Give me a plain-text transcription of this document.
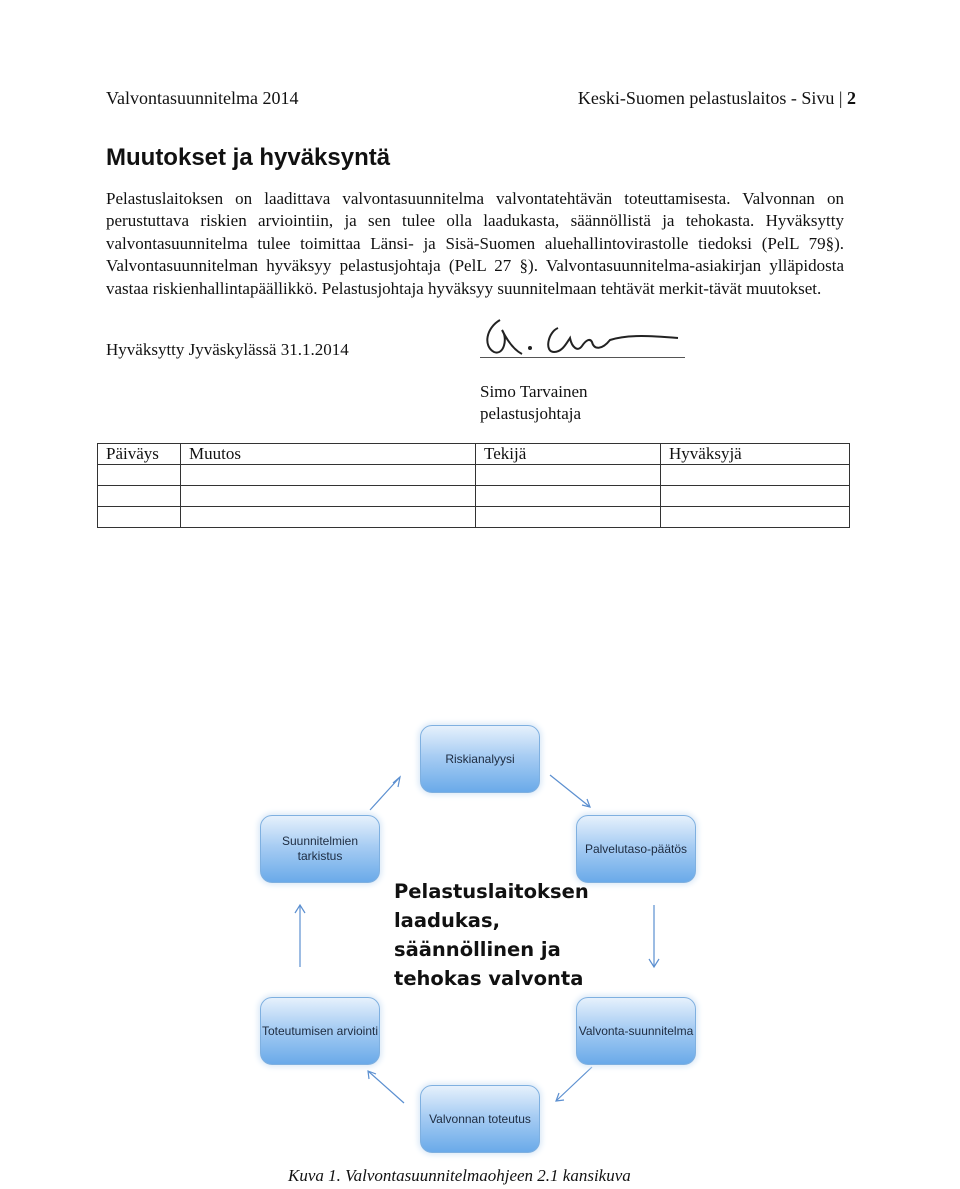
Valvontasuunnitelma 2014	Keski-Suomen pelastuslaitos - Sivu | 2
Muutokset ja hyväksyntä
Pelastuslaitoksen on laadittava valvontasuunnitelma valvontatehtävän toteuttamisesta. Valvonnan on perustuttava riskien arviointiin, ja sen tulee olla laadukasta, säännöllistä ja tehokasta. Hyväksytty valvontasuunnitelma tulee toimittaa Länsi- ja Sisä-Suomen aluehallintovirastolle tiedoksi (PelL 79§). Valvontasuunnitelman hyväksyy pelastusjohtaja (PelL 27 §). Valvontasuunnitelma-asiakirjan ylläpidosta vastaa riskienhallintapäällikkö. Pelastusjohtaja hyväksyy suunnitelmaan tehtävät merkit-tävät muutokset.
Hyväksytty Jyväskylässä 31.1.2014
Simo Tarvainen
pelastusjohtaja
Päiväys	Muutos	Tekijä	Hyväksyjä

Riskianalyysi
Palvelutaso-päätös
Valvonta-suunnitelma
Valvonnan toteutus
Toteutumisen arviointi
Suunnitelmien tarkistus
Pelastuslaitoksen laadukas, säännöllinen ja tehokas valvonta
Kuva 1. Valvontasuunnitelmaohjeen 2.1 kansikuva
